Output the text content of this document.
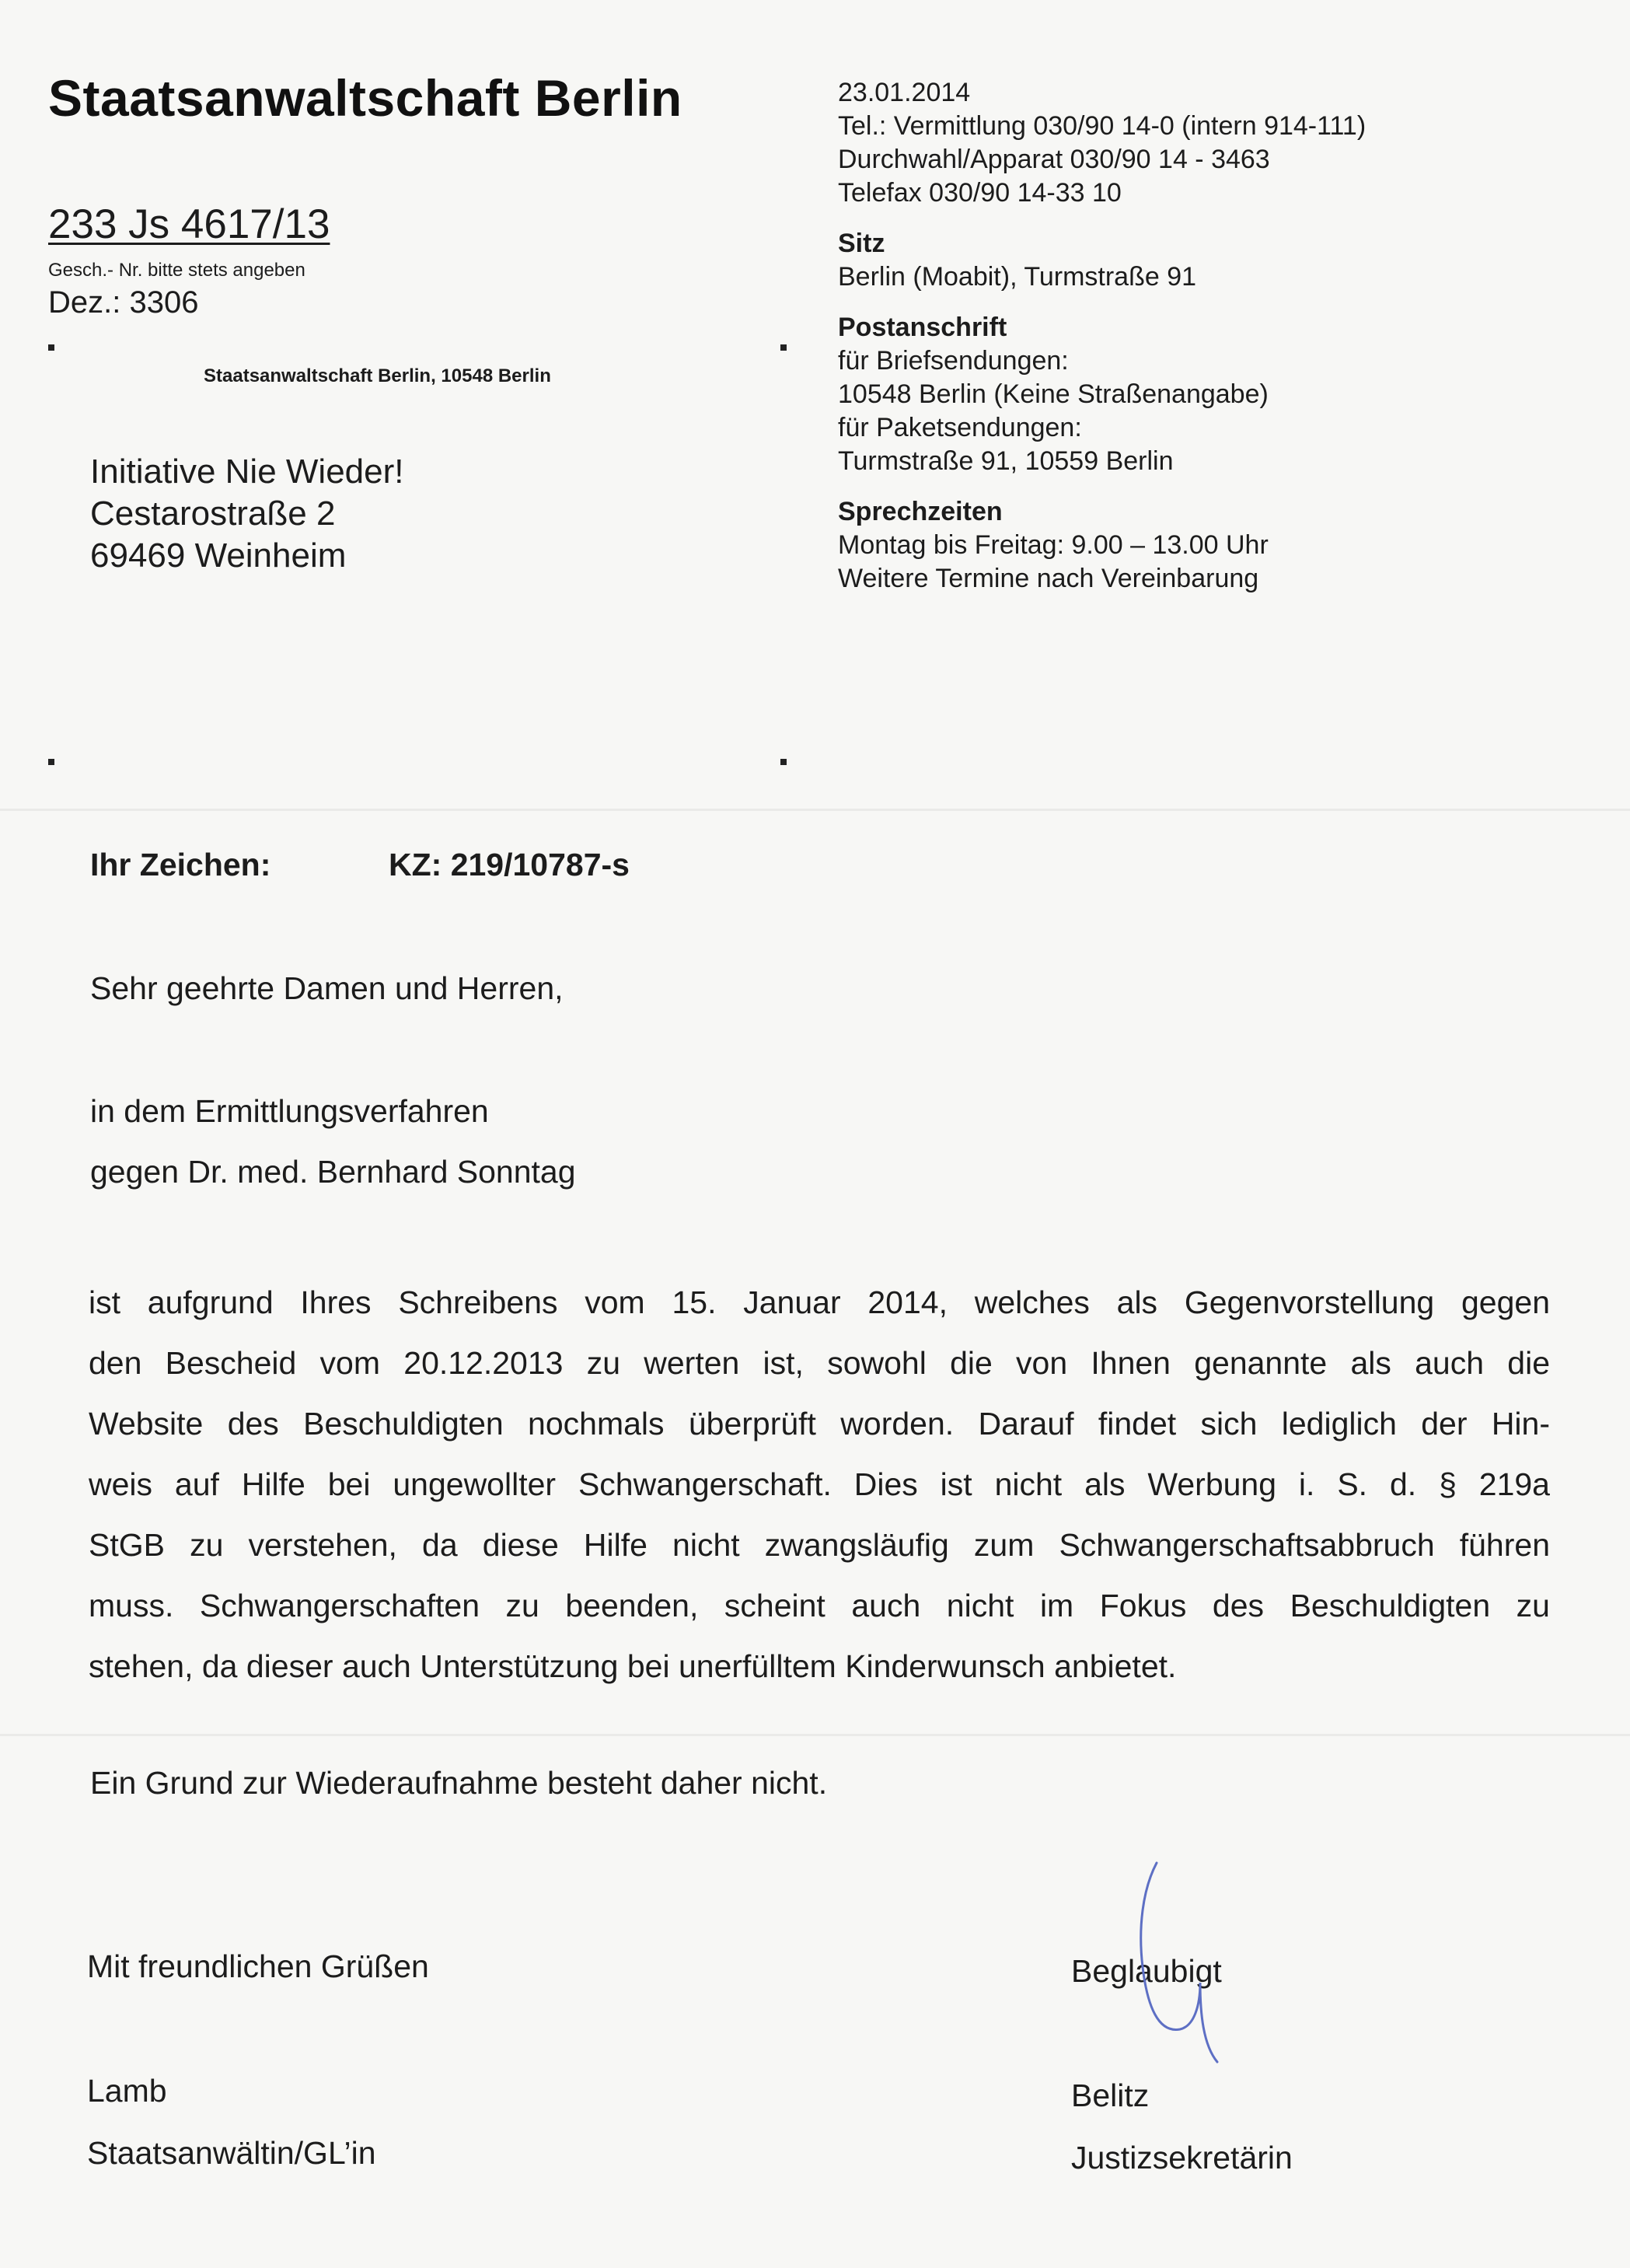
Staatsanwaltschaft Berlin
233 Js 4617/13
Gesch.- Nr. bitte stets angeben
Dez.: 3306
Staatsanwaltschaft Berlin, 10548 Berlin
Initiative Nie Wieder!
Cestarostraße 2
69469 Weinheim
23.01.2014
Tel.: Vermittlung 030/90 14-0 (intern 914-111)
Durchwahl/Apparat 030/90 14 - 3463
Telefax 030/90 14-33 10
Sitz
Berlin (Moabit), Turmstraße 91
Postanschrift
für Briefsendungen:
10548 Berlin (Keine Straßenangabe)
für Paketsendungen:
Turmstraße 91, 10559 Berlin
Sprechzeiten
Montag bis Freitag: 9.00 – 13.00 Uhr
Weitere Termine nach Vereinbarung
Ihr Zeichen:	KZ: 219/10787-s
Sehr geehrte Damen und Herren,
in dem Ermittlungsverfahren
gegen Dr. med. Bernhard Sonntag
ist aufgrund Ihres Schreibens vom 15. Januar 2014, welches als Gegenvorstellung gegen
den Bescheid vom 20.12.2013 zu werten ist, sowohl die von Ihnen genannte als auch die
Website des Beschuldigten nochmals überprüft worden. Darauf findet sich lediglich der Hin-
weis auf Hilfe bei ungewollter Schwangerschaft. Dies ist nicht als Werbung i. S. d. § 219a
StGB zu verstehen, da diese Hilfe nicht zwangsläufig zum Schwangerschaftsabbruch führen
muss. Schwangerschaften zu beenden, scheint auch nicht im Fokus des Beschuldigten zu
stehen, da dieser auch Unterstützung bei unerfülltem Kinderwunsch anbietet.
Ein Grund zur Wiederaufnahme besteht daher nicht.
Mit freundlichen Grüßen
Lamb
Staatsanwältin/GL’in
Beglaubigt
Belitz
Justizsekretärin
